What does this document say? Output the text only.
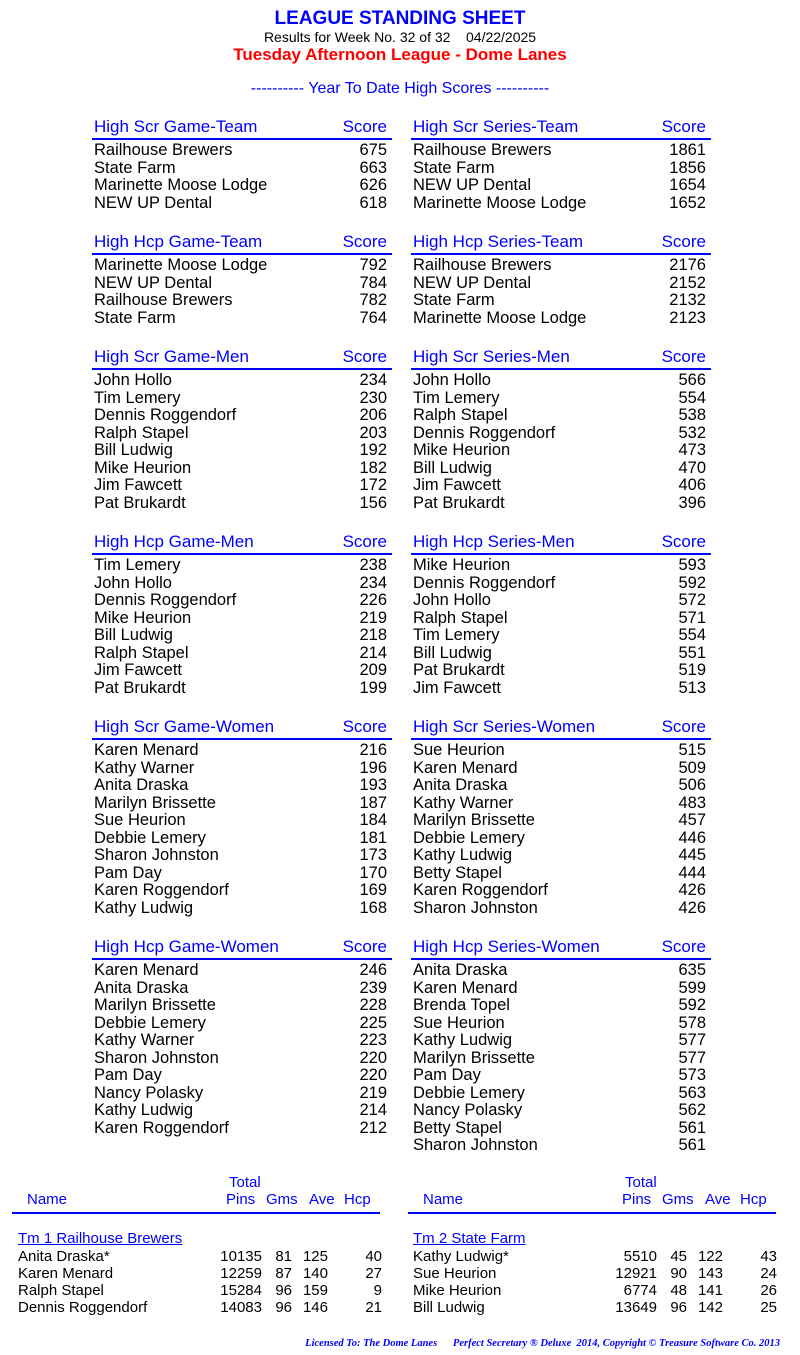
LEAGUE STANDING SHEET
Results for Week No. 32 of 32    04/22/2025
Tuesday Afternoon League - Dome Lanes
---------- Year To Date High Scores ----------
High Scr Game-Team	Score
Railhouse Brewers	675
State Farm	663
Marinette Moose Lodge	626
NEW UP Dental	618
High Scr Series-Team	Score
Railhouse Brewers	1861
State Farm	1856
NEW UP Dental	1654
Marinette Moose Lodge	1652
High Hcp Game-Team	Score
Marinette Moose Lodge	792
NEW UP Dental	784
Railhouse Brewers	782
State Farm	764
High Hcp Series-Team	Score
Railhouse Brewers	2176
NEW UP Dental	2152
State Farm	2132
Marinette Moose Lodge	2123
High Scr Game-Men	Score
John Hollo	234
Tim Lemery	230
Dennis Roggendorf	206
Ralph Stapel	203
Bill Ludwig	192
Mike Heurion	182
Jim Fawcett	172
Pat Brukardt	156
High Scr Series-Men	Score
John Hollo	566
Tim Lemery	554
Ralph Stapel	538
Dennis Roggendorf	532
Mike Heurion	473
Bill Ludwig	470
Jim Fawcett	406
Pat Brukardt	396
High Hcp Game-Men	Score
Tim Lemery	238
John Hollo	234
Dennis Roggendorf	226
Mike Heurion	219
Bill Ludwig	218
Ralph Stapel	214
Jim Fawcett	209
Pat Brukardt	199
High Hcp Series-Men	Score
Mike Heurion	593
Dennis Roggendorf	592
John Hollo	572
Ralph Stapel	571
Tim Lemery	554
Bill Ludwig	551
Pat Brukardt	519
Jim Fawcett	513
High Scr Game-Women	Score
Karen Menard	216
Kathy Warner	196
Anita Draska	193
Marilyn Brissette	187
Sue Heurion	184
Debbie Lemery	181
Sharon Johnston	173
Pam Day	170
Karen Roggendorf	169
Kathy Ludwig	168
High Scr Series-Women	Score
Sue Heurion	515
Karen Menard	509
Anita Draska	506
Kathy Warner	483
Marilyn Brissette	457
Debbie Lemery	446
Kathy Ludwig	445
Betty Stapel	444
Karen Roggendorf	426
Sharon Johnston	426
High Hcp Game-Women	Score
Karen Menard	246
Anita Draska	239
Marilyn Brissette	228
Debbie Lemery	225
Kathy Warner	223
Sharon Johnston	220
Pam Day	220
Nancy Polasky	219
Kathy Ludwig	214
Karen Roggendorf	212
High Hcp Series-Women	Score
Anita Draska	635
Karen Menard	599
Brenda Topel	592
Sue Heurion	578
Kathy Ludwig	577
Marilyn Brissette	577
Pam Day	573
Debbie Lemery	563
Nancy Polasky	562
Betty Stapel	561
Sharon Johnston	561
Total
Name	Pins Gms Ave Hcp
Total
Name	Pins Gms Ave Hcp
Tm 1 Railhouse Brewers
Anita Draska*	10135 81 125 40
Karen Menard	12259 87 140 27
Ralph Stapel	15284 96 159	9
Dennis Roggendorf	14083 96 146 21
Tm 2 State Farm
Kathy Ludwig*	5510 45 122 43
Sue Heurion	12921 90 143 24
Mike Heurion	6774 48 141 26
Bill Ludwig	13649 96 142 25
Licensed To: The Dome Lanes      Perfect Secretary ® Deluxe  2014, Copyright © Treasure Software Co. 2013
